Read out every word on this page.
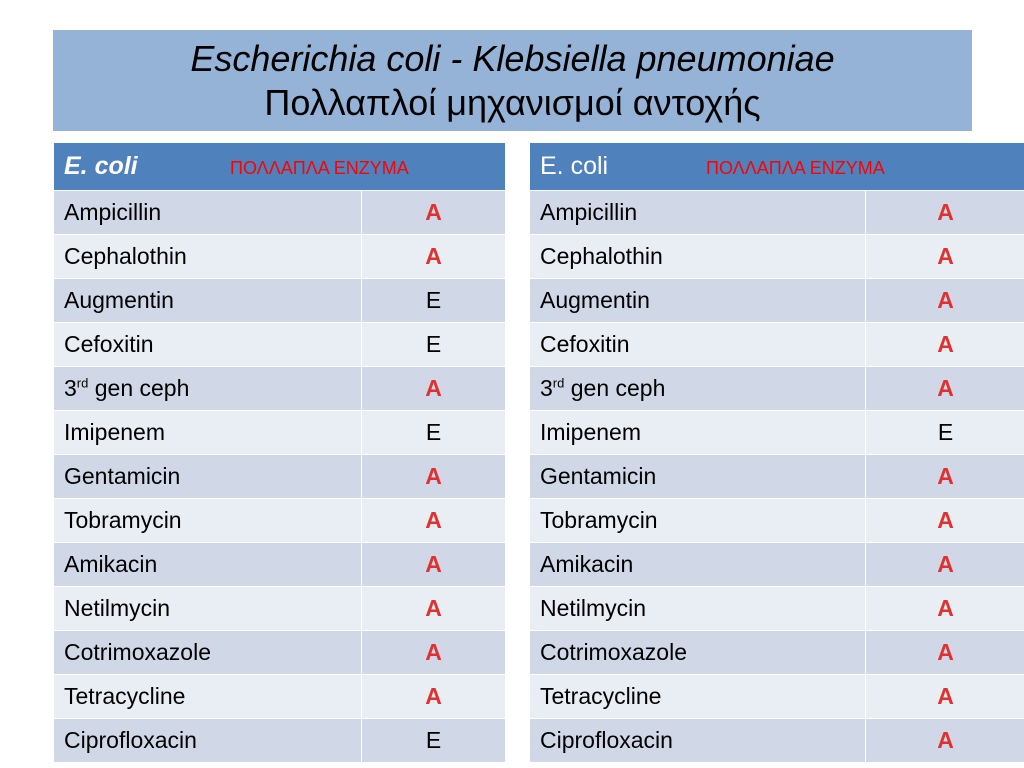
Escherichia coli - Klebsiella pneumoniae
Πολλαπλοί μηχανισμοί αντοχής
E. coli ΠΟΛΛΑΠΛΑ ΕΝΖΥΜΑ	
Ampicillin	A
Cephalothin	A
Augmentin	E
Cefoxitin	E
3rd gen ceph	A
Imipenem	E
Gentamicin	A
Tobramycin	A
Amikacin	A
Netilmycin	A
Cotrimoxazole	A
Tetracycline	A
Ciprofloxacin	E
E. coli ΠΟΛΛΑΠΛΑ ΕΝΖΥΜΑ	
Ampicillin	A
Cephalothin	A
Augmentin	A
Cefoxitin	A
3rd gen ceph	A
Imipenem	E
Gentamicin	A
Tobramycin	A
Amikacin	A
Netilmycin	A
Cotrimoxazole	A
Tetracycline	A
Ciprofloxacin	A
